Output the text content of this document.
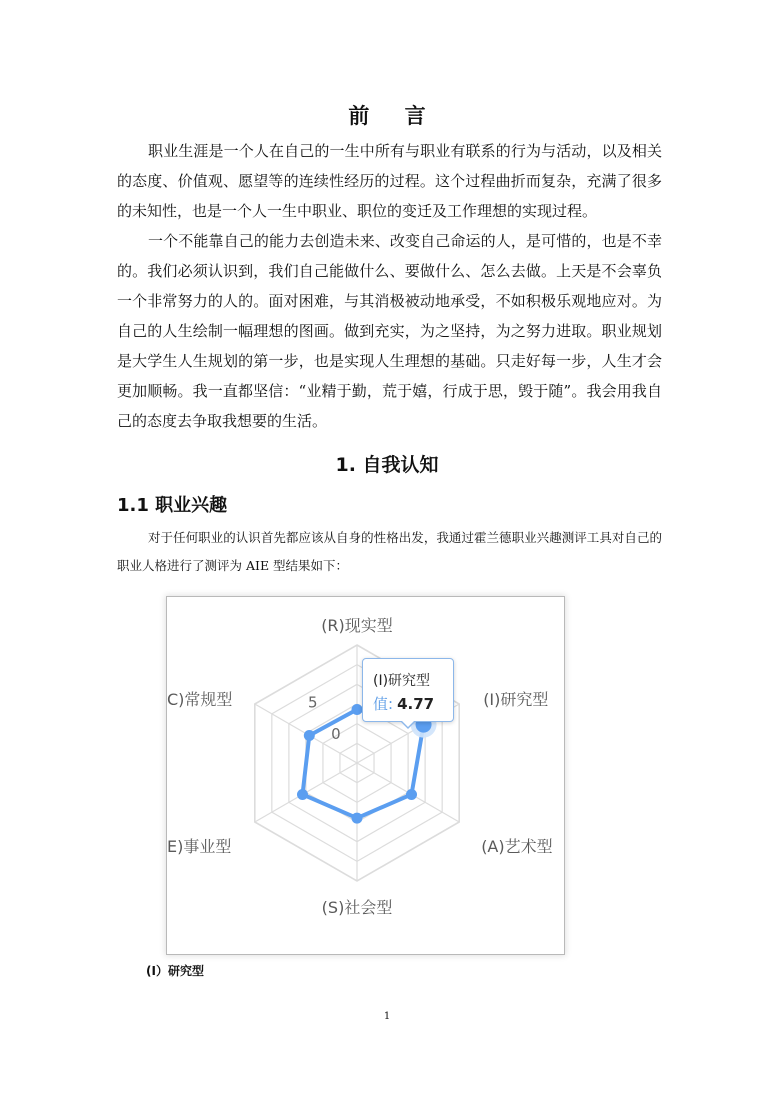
前 言

职业生涯是一个人在自己的一生中所有与职业有联系的行为与活动，以及相关的态度、价值观、愿望等的连续性经历的过程。这个过程曲折而复杂，充满了很多的未知性，也是一个人一生中职业、职位的变迁及工作理想的实现过程。

一个不能靠自己的能力去创造未来、改变自己命运的人，是可惜的，也是不幸的。我们必须认识到，我们自己能做什么、要做什么、怎么去做。上天是不会辜负一个非常努力的人的。面对困难，与其消极被动地承受，不如积极乐观地应对。为自己的人生绘制一幅理想的图画。做到充实，为之坚持，为之努力进取。职业规划是大学生人生规划的第一步，也是实现人生理想的基础。只走好每一步，人生才会更加顺畅。我一直都坚信：“业精于勤，荒于嬉，行成于思，毁于随”。我会用我自己的态度去争取我想要的生活。

1. 自我认知
1.1 职业兴趣

对于任何职业的认识首先都应该从自身的性格出发，我通过霍兰德职业兴趣测评工具对自己的职业人格进行了测评为 AIE 型结果如下：

5
0
(R)现实型
(I)研究型
(A)艺术型
(S)社会型
E)事业型
C)常规型
(I)研究型
值: 4.77
(I）研究型
1
